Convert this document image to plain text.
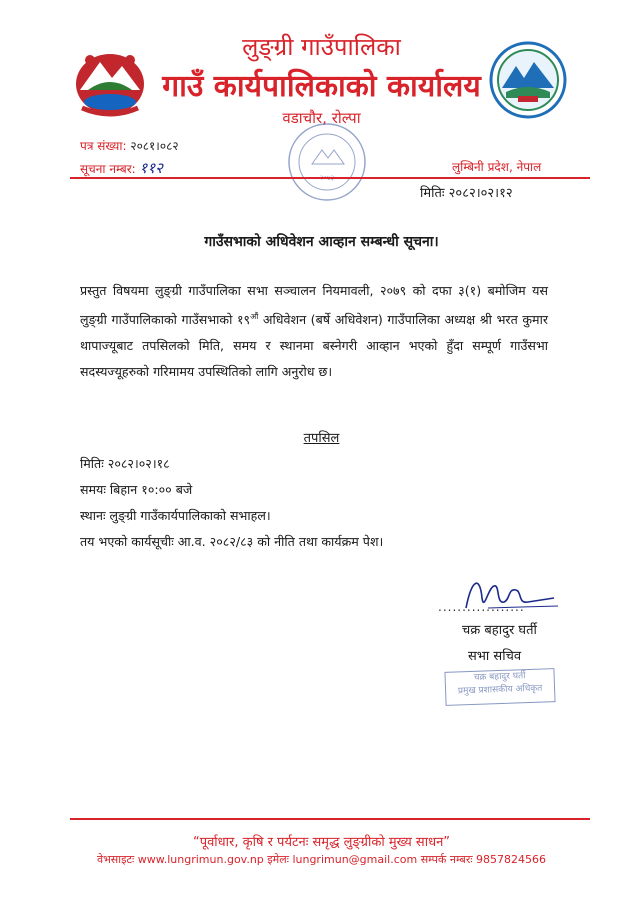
लुङ्ग्री गाउँपालिका
गाउँ कार्यपालिकाको कार्यालय
वडाचौर, रोल्पा
पत्र संख्या: २०८१।०८२
सूचना नम्बर: ११२	लुम्बिनी प्रदेश, नेपाल
मितिः २०८२।०२।१२
गाउँसभाको अधिवेशन आव्हान सम्बन्धी सूचना।
प्रस्तुत विषयमा लुङ्ग्री गाउँपालिका सभा सञ्चालन नियमावली, २०७९ को दफा ३(१) बमोजिम यस लुङ्ग्री गाउँपालिकाको गाउँसभाको $१९^{औं}$ अधिवेशन (बर्षे अधिवेशन) गाउँपालिका अध्यक्ष श्री भरत कुमार थापाज्यूबाट तपसिलको मिति, समय र स्थानमा बस्नेगरी आव्हान भएको हुँदा सम्पूर्ण गाउँसभा सदस्यज्यूहरुको गरिमामय उपस्थितिको लागि अनुरोध छ।
तपसिल
मितिः २०८२।०२।१८
समयः बिहान १०:०० बजे
स्थानः लुङ्ग्री गाउँकार्यपालिकाको सभाहल।
तय भएको कार्यसूचीः आ.व. २०८२/८३ को नीति तथा कार्यक्रम पेश।
..................
चक्र बहादुर घर्ती
सभा सचिव
चक्र बहादुर घर्ती
प्रमुख प्रशासकीय अधिकृत
“पूर्वाधार, कृषि र पर्यटनः समृद्ध लुङ्ग्रीको मुख्य साधन”
वेभसाइटः www.lungrimun.gov.np इमेलः lungrimun@gmail.com सम्पर्क नम्बरः 9857824566
